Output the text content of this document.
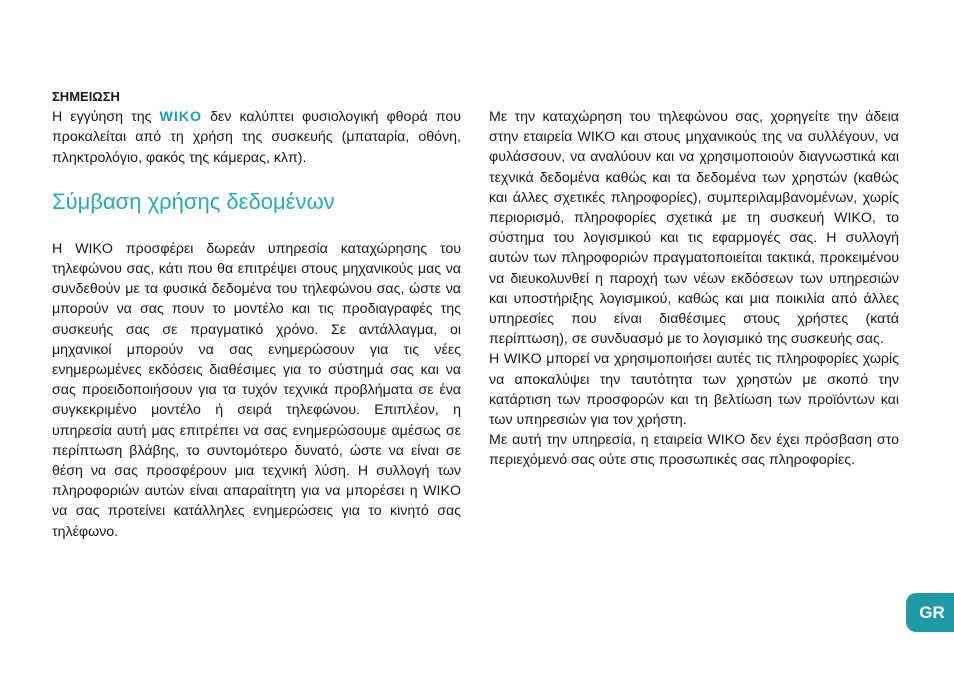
ΣΗΜΕΙΩΣΗ

Η εγγύηση της WIKO δεν καλύπτει φυσιολογική φθορά που προκαλείται από τη χρήση της συσκευής (μπαταρία, οθόνη, πληκτρολόγιο, φακός της κάμερας, κλπ).

Σύμβαση χρήσης δεδομένων

Η WIKO προσφέρει δωρεάν υπηρεσία καταχώρησης του τηλεφώνου σας, κάτι που θα επιτρέψει στους μηχανικούς μας να συνδεθούν με τα φυσικά δεδομένα του τηλεφώνου σας, ώστε να μπορούν να σας πουν το μοντέλο και τις προδιαγραφές της συσκευής σας σε πραγματικό χρόνο. Σε αντάλλαγμα, οι μηχανικοί μπορούν να σας ενημερώσουν για τις νέες ενημερωμένες εκδόσεις διαθέσιμες για το σύστημά σας και να σας προειδοποιήσουν για τα τυχόν τεχνικά προβλήματα σε ένα συγκεκριμένο μοντέλο ή σειρά τηλεφώνου. Επιπλέον, η υπηρεσία αυτή μας επιτρέπει να σας ενημερώσουμε αμέσως σε περίπτωση βλάβης, το συντομότερο δυνατό, ώστε να είναι σε θέση να σας προσφέρουν μια τεχνική λύση. Η συλλογή των πληροφοριών αυτών είναι απαραίτητη για να μπορέσει η WIKO να σας προτείνει κατάλληλες ενημερώσεις για το κινητό σας τηλέφωνο.

Με την καταχώρηση του τηλεφώνου σας, χορηγείτε την άδεια στην εταιρεία WIKO και στους μηχανικούς της να συλλέγουν, να φυλάσσουν, να αναλύουν και να χρησιμοποιούν διαγνωστικά και τεχνικά δεδομένα καθώς και τα δεδομένα των χρηστών (καθώς και άλλες σχετικές πληροφορίες), συμπεριλαμβανομένων, χωρίς περιορισμό, πληροφορίες σχετικά με τη συσκευή WIKO, το σύστημα του λογισμικού και τις εφαρμογές σας. Η συλλογή αυτών των πληροφοριών πραγματοποιείται τακτικά, προκειμένου να διευκολυνθεί η παροχή των νέων εκδόσεων των υπηρεσιών και υποστήριξης λογισμικού, καθώς και μια ποικιλία από άλλες υπηρεσίες που είναι διαθέσιμες στους χρήστες (κατά περίπτωση), σε συνδυασμό με το λογισμικό της συσκευής σας.

Η WIKO μπορεί να χρησιμοποιήσει αυτές τις πληροφορίες χωρίς να αποκαλύψει την ταυτότητα των χρηστών με σκοπό την κατάρτιση των προσφορών και τη βελτίωση των προϊόντων και των υπηρεσιών για τον χρήστη.

Με αυτή την υπηρεσία, η εταιρεία WIKO δεν έχει πρόσβαση στο περιεχόμενό σας ούτε στις προσωπικές σας πληροφορίες.

GR
